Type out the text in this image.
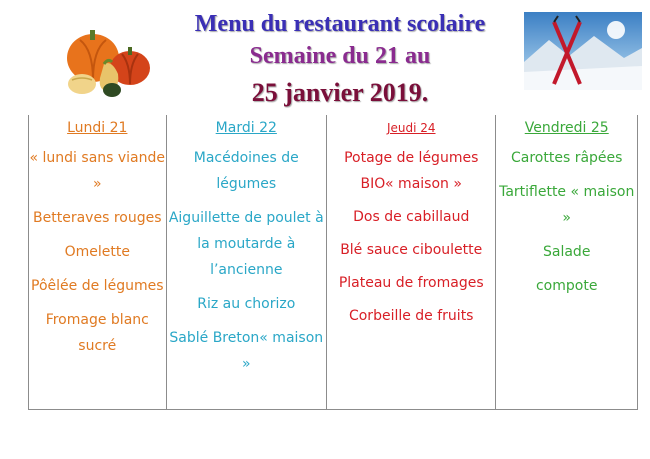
Menu du restaurant scolaire
Semaine du 21 au
25 janvier 2019.
Lundi 21
« lundi sans viande »
Betteraves rouges
Omelette
Pôêlée de légumes
Fromage blanc sucré
Mardi 22
Macédoines de légumes
Aiguillette de poulet à la moutarde à l’ancienne
Riz au chorizo
Sablé Breton« maison »
Jeudi 24
Potage de légumes BIO« maison »
Dos de cabillaud
Blé sauce ciboulette
Plateau de fromages
Corbeille de fruits
Vendredi 25
Carottes râpées
Tartiflette « maison »
Salade
compote
